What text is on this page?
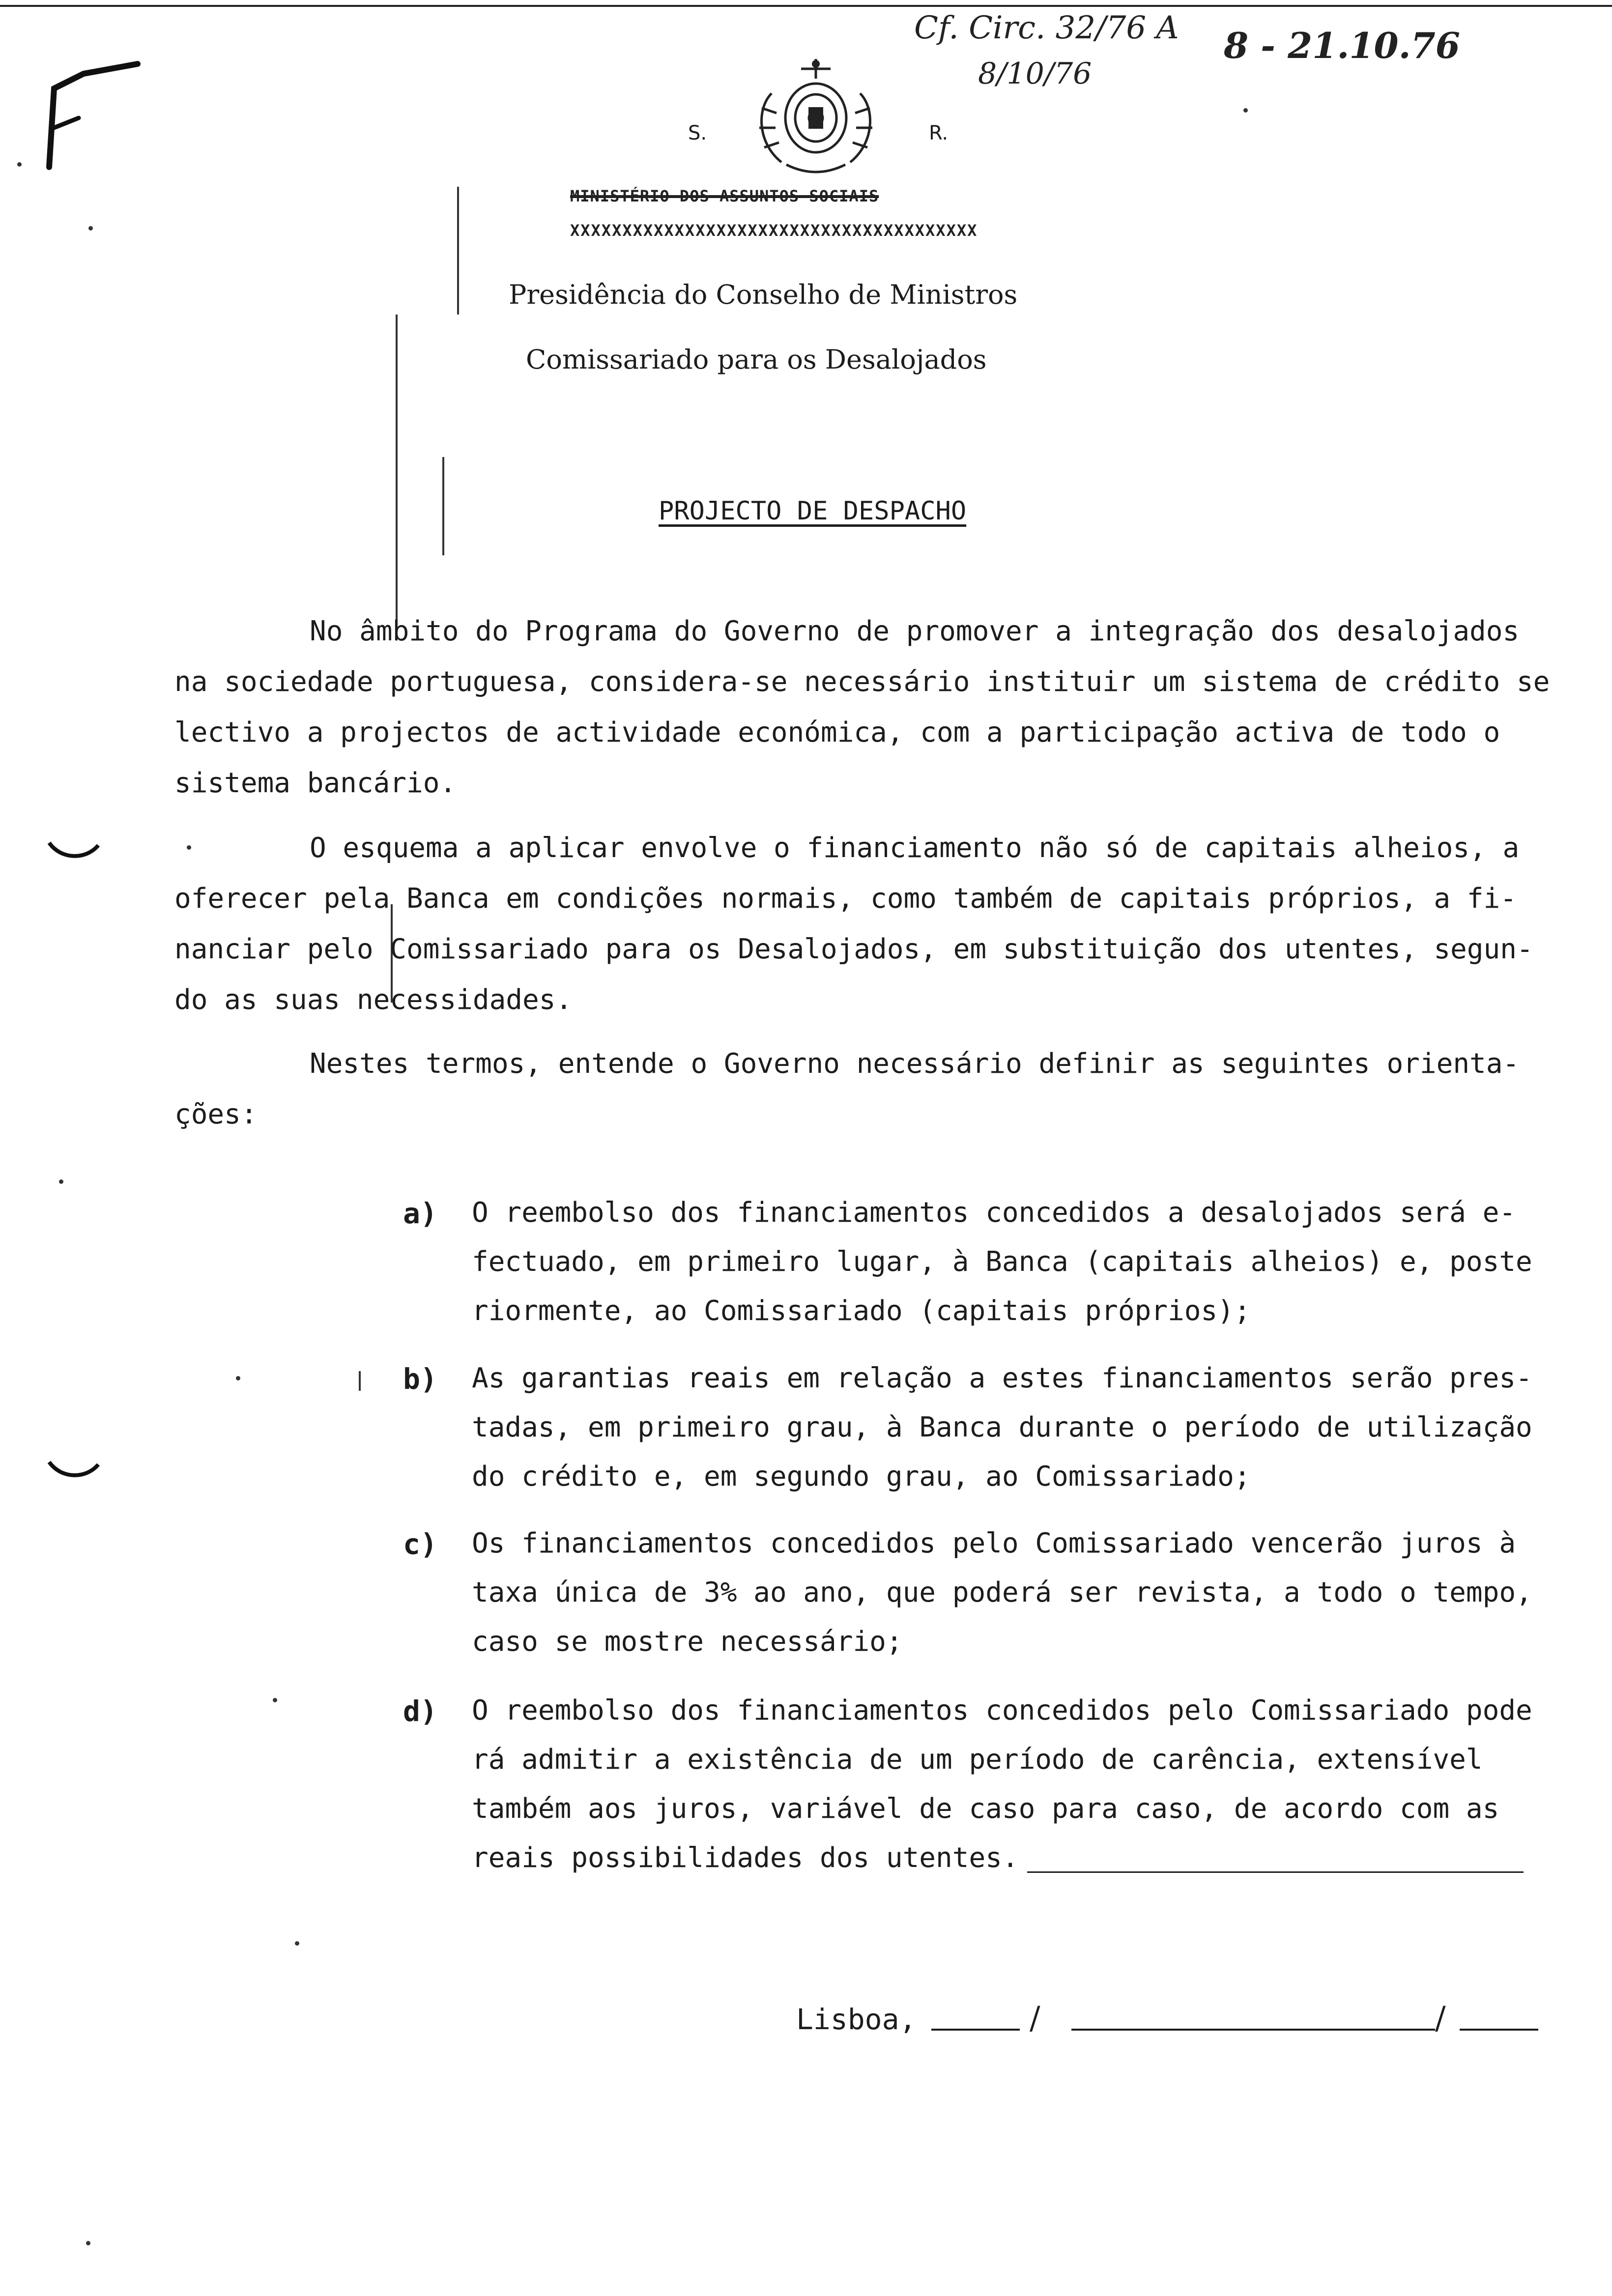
S.	R.
MINISTÉRIO DOS ASSUNTOS SOCIAIS
XXXXXXXXXXXXXXXXXXXXXXXXXXXXXXXXXXXXXXX
Presidência do Conselho de Ministros
Comissariado para os Desalojados
Cf. Circ. 32/76 A
8/10/76
8 - 21.10.76
PROJECTO DE DESPACHO
No âmbito do Programa do Governo de promover a integração dos desalojados
na sociedade portuguesa, considera-se necessário instituir um sistema de crédito se
lectivo a projectos de actividade económica, com a participação activa de todo o
sistema bancário.
O esquema a aplicar envolve o financiamento não só de capitais alheios, a
oferecer pela Banca em condições normais, como também de capitais próprios, a fi-
nanciar pelo Comissariado para os Desalojados, em substituição dos utentes, segun-
do as suas necessidades.
Nestes termos, entende o Governo necessário definir as seguintes orienta-
ções:
a) O reembolso dos financiamentos concedidos a desalojados será e-
fectuado, em primeiro lugar, à Banca (capitais alheios) e, poste
riormente, ao Comissariado (capitais próprios);
b) As garantias reais em relação a estes financiamentos serão pres-
tadas, em primeiro grau, à Banca durante o período de utilização
do crédito e, em segundo grau, ao Comissariado;
c) Os financiamentos concedidos pelo Comissariado vencerão juros à
taxa única de 3% ao ano, que poderá ser revista, a todo o tempo,
caso se mostre necessário;
d) O reembolso dos financiamentos concedidos pelo Comissariado pode
rá admitir a existência de um período de carência, extensível
também aos juros, variável de caso para caso, de acordo com as
reais possibilidades dos utentes.
Lisboa,	/	/
